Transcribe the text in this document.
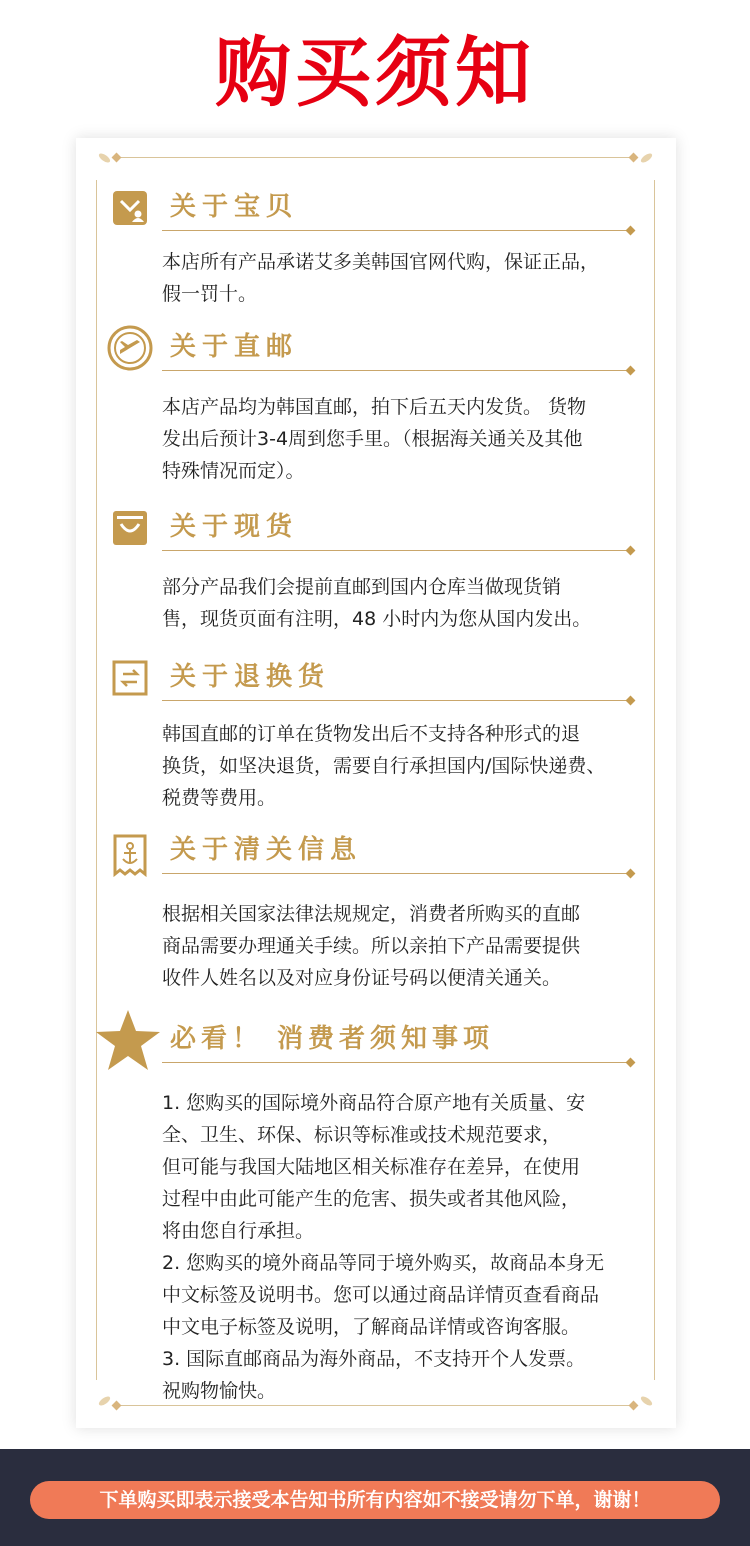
购买须知
关于宝贝

本店所有产品承诺艾多美韩国官网代购，保证正品，

假一罚十。

关于直邮

本店产品均为韩国直邮，拍下后五天内发货。 货物

发出后预计3-4周到您手里。（根据海关通关及其他

特殊情况而定）。

关于现货

部分产品我们会提前直邮到国内仓库当做现货销

售，现货页面有注明，48 小时内为您从国内发出。

关于退换货

韩国直邮的订单在货物发出后不支持各种形式的退

换货，如坚决退货，需要自行承担国内/国际快递费、

税费等费用。

关于清关信息

根据相关国家法律法规规定，消费者所购买的直邮

商品需要办理通关手续。所以亲拍下产品需要提供

收件人姓名以及对应身份证号码以便清关通关。

必看！ 消费者须知事项

1. 您购买的国际境外商品符合原产地有关质量、安

全、卫生、环保、标识等标准或技术规范要求，

但可能与我国大陆地区相关标准存在差异，在使用

过程中由此可能产生的危害、损失或者其他风险，

将由您自行承担。

2. 您购买的境外商品等同于境外购买，故商品本身无

中文标签及说明书。您可以通过商品详情页查看商品

中文电子标签及说明，了解商品详情或咨询客服。

3. 国际直邮商品为海外商品，不支持开个人发票。

祝购物愉快。

下单购买即表示接受本告知书所有内容如不接受请勿下单，谢谢！
